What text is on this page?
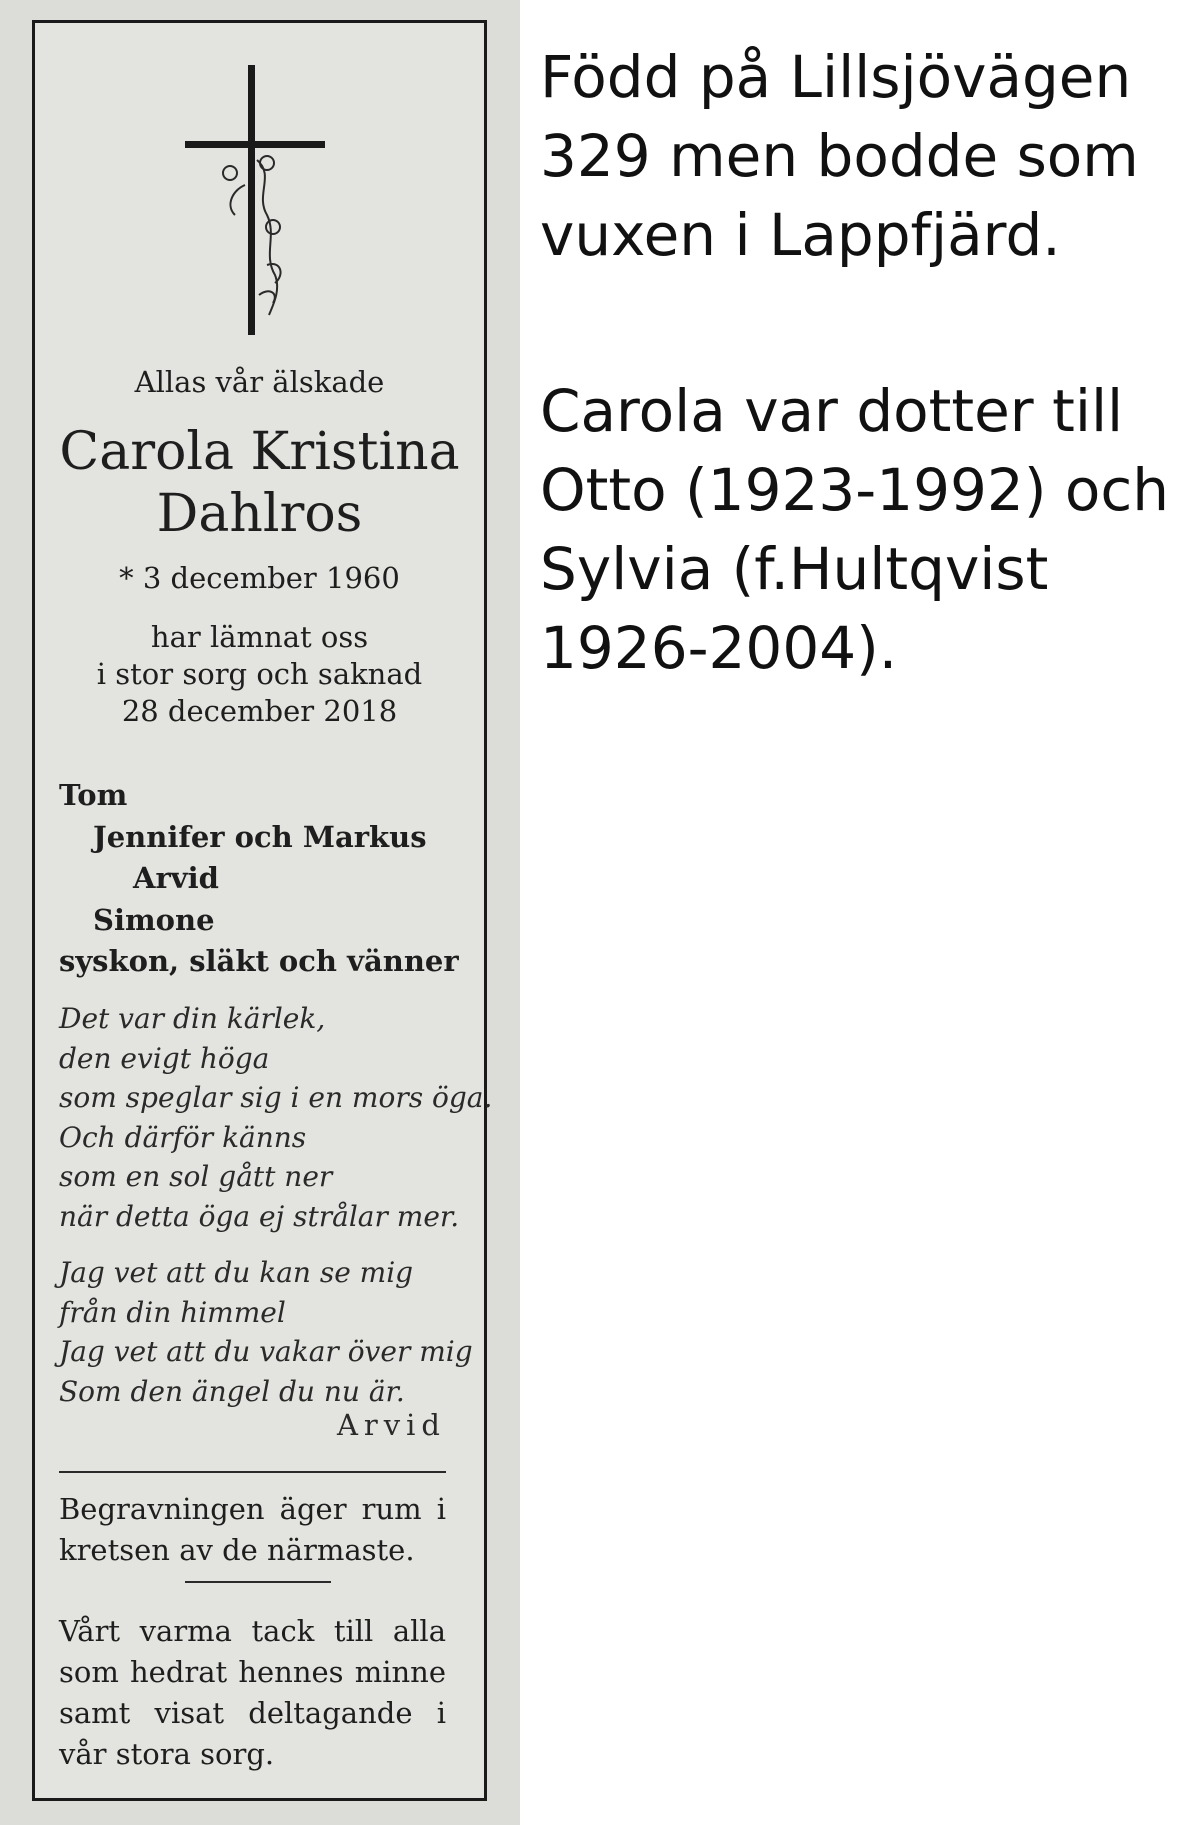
Allas vår älskade
Carola Kristina
Dahlros
* 3 december 1960
har lämnat oss
i stor sorg och saknad
28 december 2018
Tom
Jennifer och Markus
Arvid
Simone
syskon, släkt och vänner
Det var din kärlek,
den evigt höga
som speglar sig i en mors öga.
Och därför känns
som en sol gått ner
när detta öga ej strålar mer.
Jag vet att du kan se mig
från din himmel
Jag vet att du vakar över mig
Som den ängel du nu är.
Arvid
Begravningen äger rum i kretsen av de närmaste.
Vårt varma tack till alla som hedrat hennes minne samt visat deltagande i vår stora sorg.
Född på Lillsjövägen
329 men bodde som
vuxen i Lappfjärd.
Carola var dotter till
Otto (1923-1992) och
Sylvia (f.Hultqvist
1926-2004).
